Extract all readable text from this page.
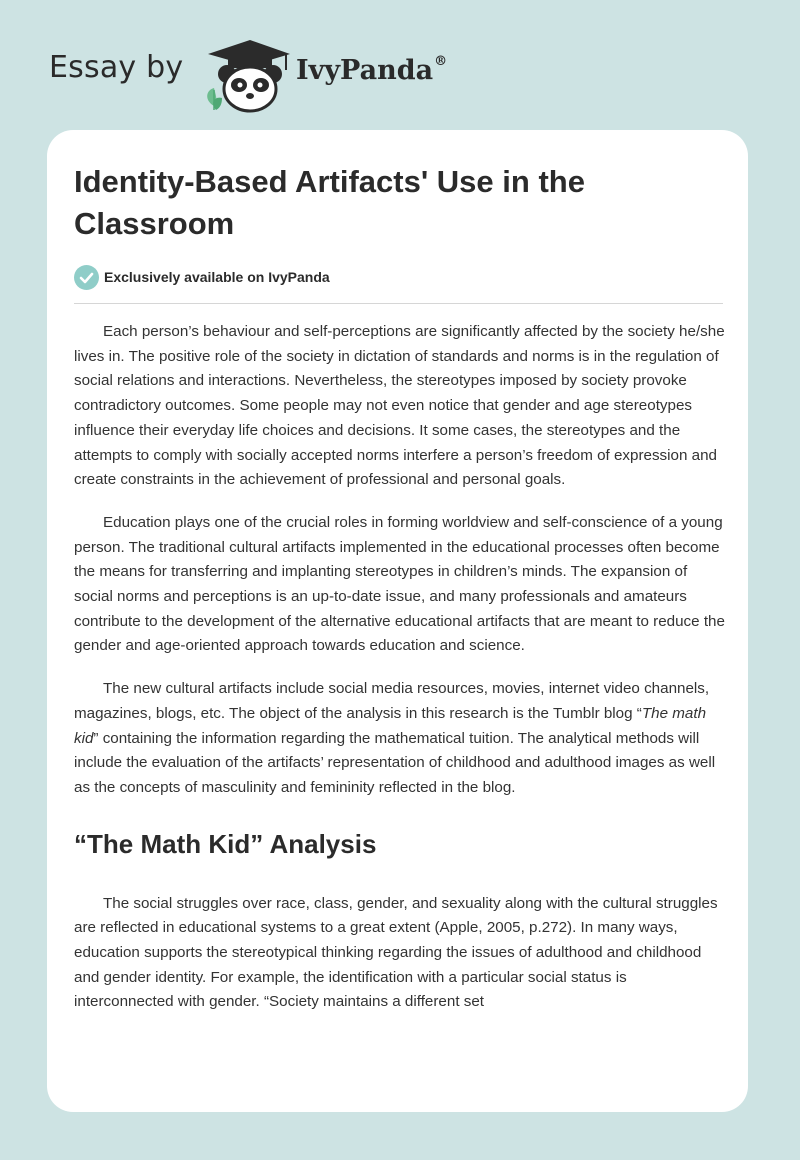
Essay by	IvyPanda®
Identity-Based Artifacts' Use in the Classroom
Exclusively available on IvyPanda

Each person’s behaviour and self-perceptions are significantly affected by the society he/she lives in. The positive role of the society in dictation of standards and norms is in the regulation of social relations and interactions. Nevertheless, the stereotypes imposed by society provoke contradictory outcomes. Some people may not even notice that gender and age stereotypes influence their everyday life choices and decisions. It some cases, the stereotypes and the attempts to comply with socially accepted norms interfere a person’s freedom of expression and create constraints in the achievement of professional and personal goals.

Education plays one of the crucial roles in forming worldview and self-conscience of a young person. The traditional cultural artifacts implemented in the educational processes often become the means for transferring and implanting stereotypes in children’s minds. The expansion of social norms and perceptions is an up-to-date issue, and many professionals and amateurs contribute to the development of the alternative educational artifacts that are meant to reduce the gender and age-oriented approach towards education and science.

The new cultural artifacts include social media resources, movies, internet video channels, magazines, blogs, etc. The object of the analysis in this research is the Tumblr blog “The math kid” containing the information regarding the mathematical tuition. The analytical methods will include the evaluation of the artifacts’ representation of childhood and adulthood images as well as the concepts of masculinity and femininity reflected in the blog.

“The Math Kid” Analysis

The social struggles over race, class, gender, and sexuality along with the cultural struggles are reflected in educational systems to a great extent (Apple, 2005, p.272). In many ways, education supports the stereotypical thinking regarding the issues of adulthood and childhood and gender identity. For example, the identification with a particular social status is interconnected with gender. “Society maintains a different set
